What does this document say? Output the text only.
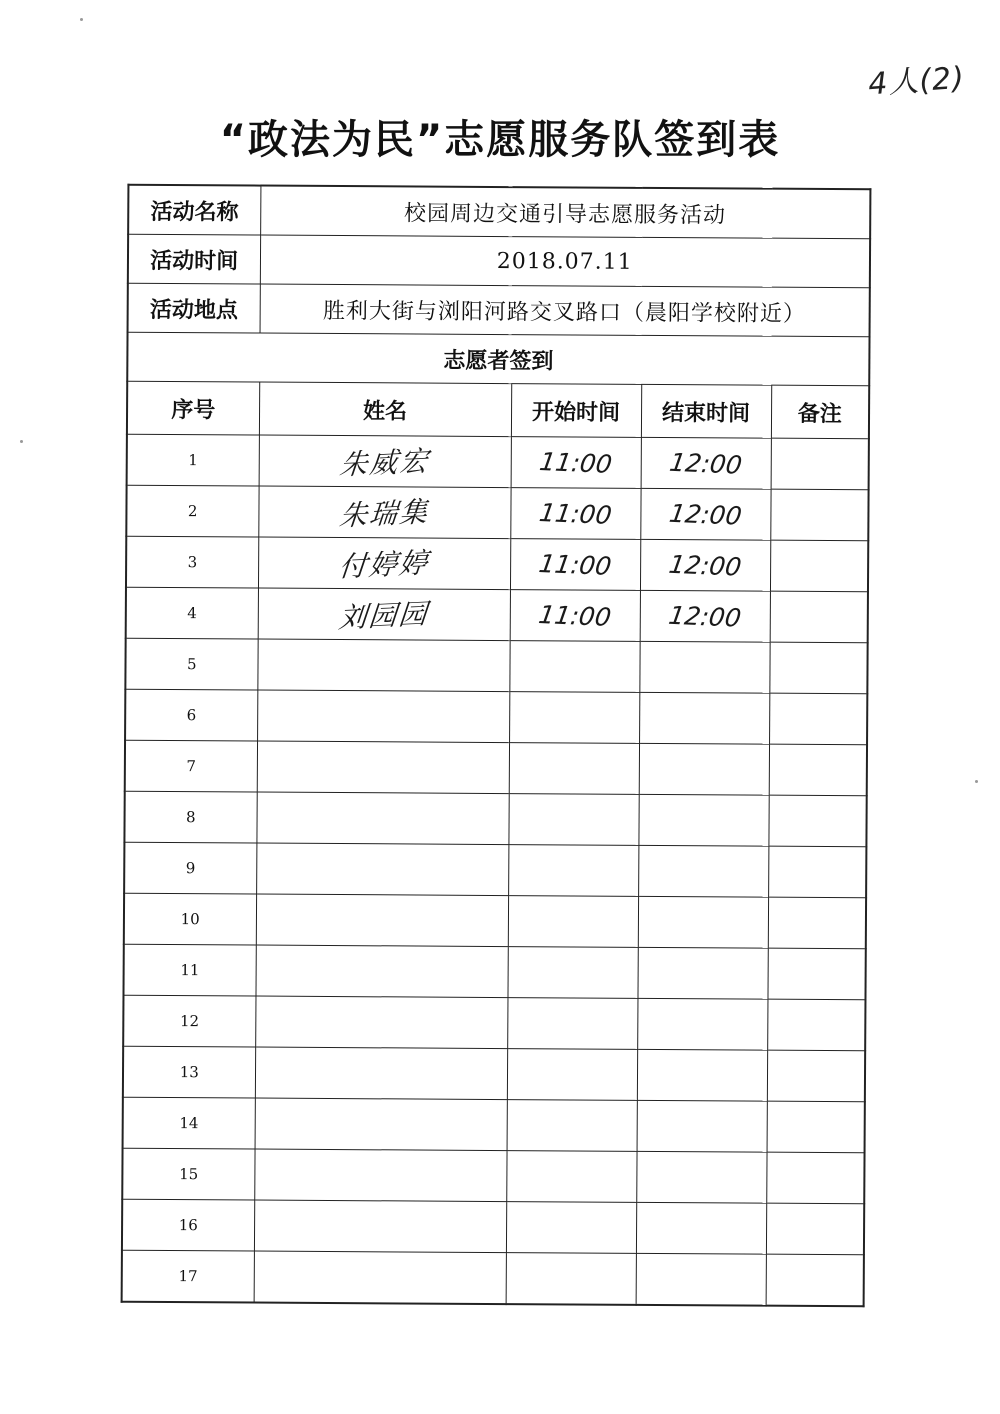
4人(2)
“政法为民”志愿服务队签到表
活动名称	校园周边交通引导志愿服务活动			
活动时间	2018.07.11			
活动地点	胜利大街与浏阳河路交叉路口（晨阳学校附近）			
志愿者签到				
序号	姓名	开始时间	结束时间	备注
1	朱威宏	11:00	12:00	
2	朱瑞集	11:00	12:00	
3	付婷婷	11:00	12:00	
4	刘园园	11:00	12:00	
5				
6				
7				
8				
9				
10				
11				
12				
13				
14				
15				
16				
17				
